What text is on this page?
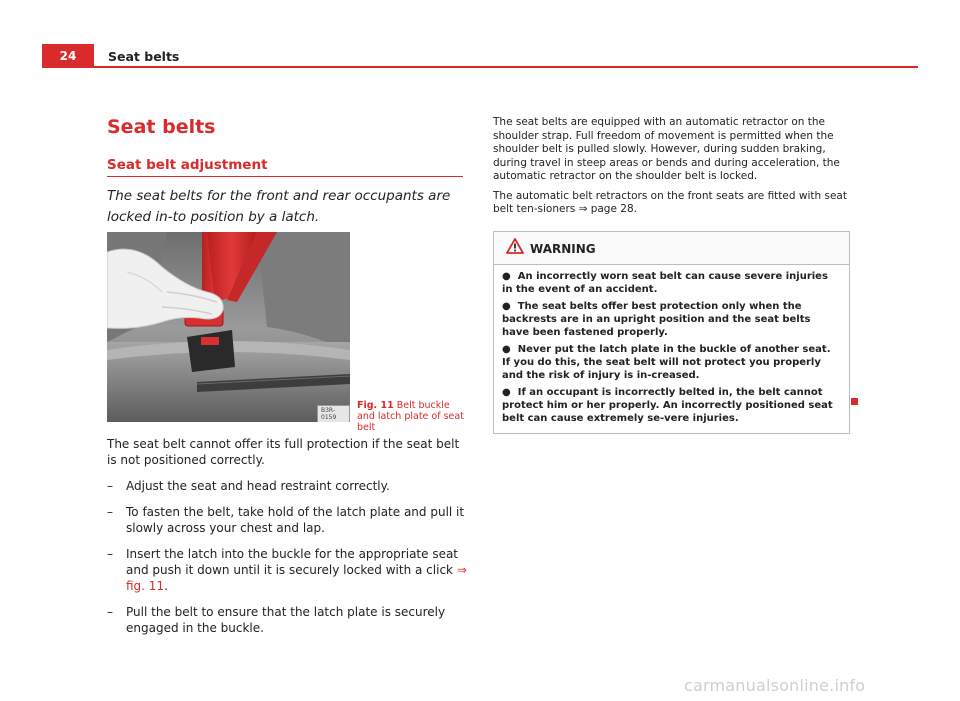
24	Seat belts
Seat belts
Seat belt adjustment
The seat belts for the front and rear occupants are locked in-to position by a latch.
B3R-0159
Fig. 11 Belt buckle and latch plate of seat belt
The seat belt cannot offer its full protection if the seat belt is not positioned correctly.
– Adjust the seat and head restraint correctly.
– To fasten the belt, take hold of the latch plate and pull it slowly across your chest and lap.
– Insert the latch into the buckle for the appropriate seat and push it down until it is securely locked with a click ⇒ fig. 11.
– Pull the belt to ensure that the latch plate is securely engaged in the buckle.

The seat belts are equipped with an automatic retractor on the shoulder strap. Full freedom of movement is permitted when the shoulder belt is pulled slowly. However, during sudden braking, during travel in steep areas or bends and during acceleration, the automatic retractor on the shoulder belt is locked.

The automatic belt retractors on the front seats are fitted with seat belt ten-sioners ⇒ page 28.

WARNING
● An incorrectly worn seat belt can cause severe injuries in the event of an accident.
● The seat belts offer best protection only when the backrests are in an upright position and the seat belts have been fastened properly.
● Never put the latch plate in the buckle of another seat. If you do this, the seat belt will not protect you properly and the risk of injury is in-creased.
● If an occupant is incorrectly belted in, the belt cannot protect him or her properly. An incorrectly positioned seat belt can cause extremely se-vere injuries.
carmanualsonline.info
